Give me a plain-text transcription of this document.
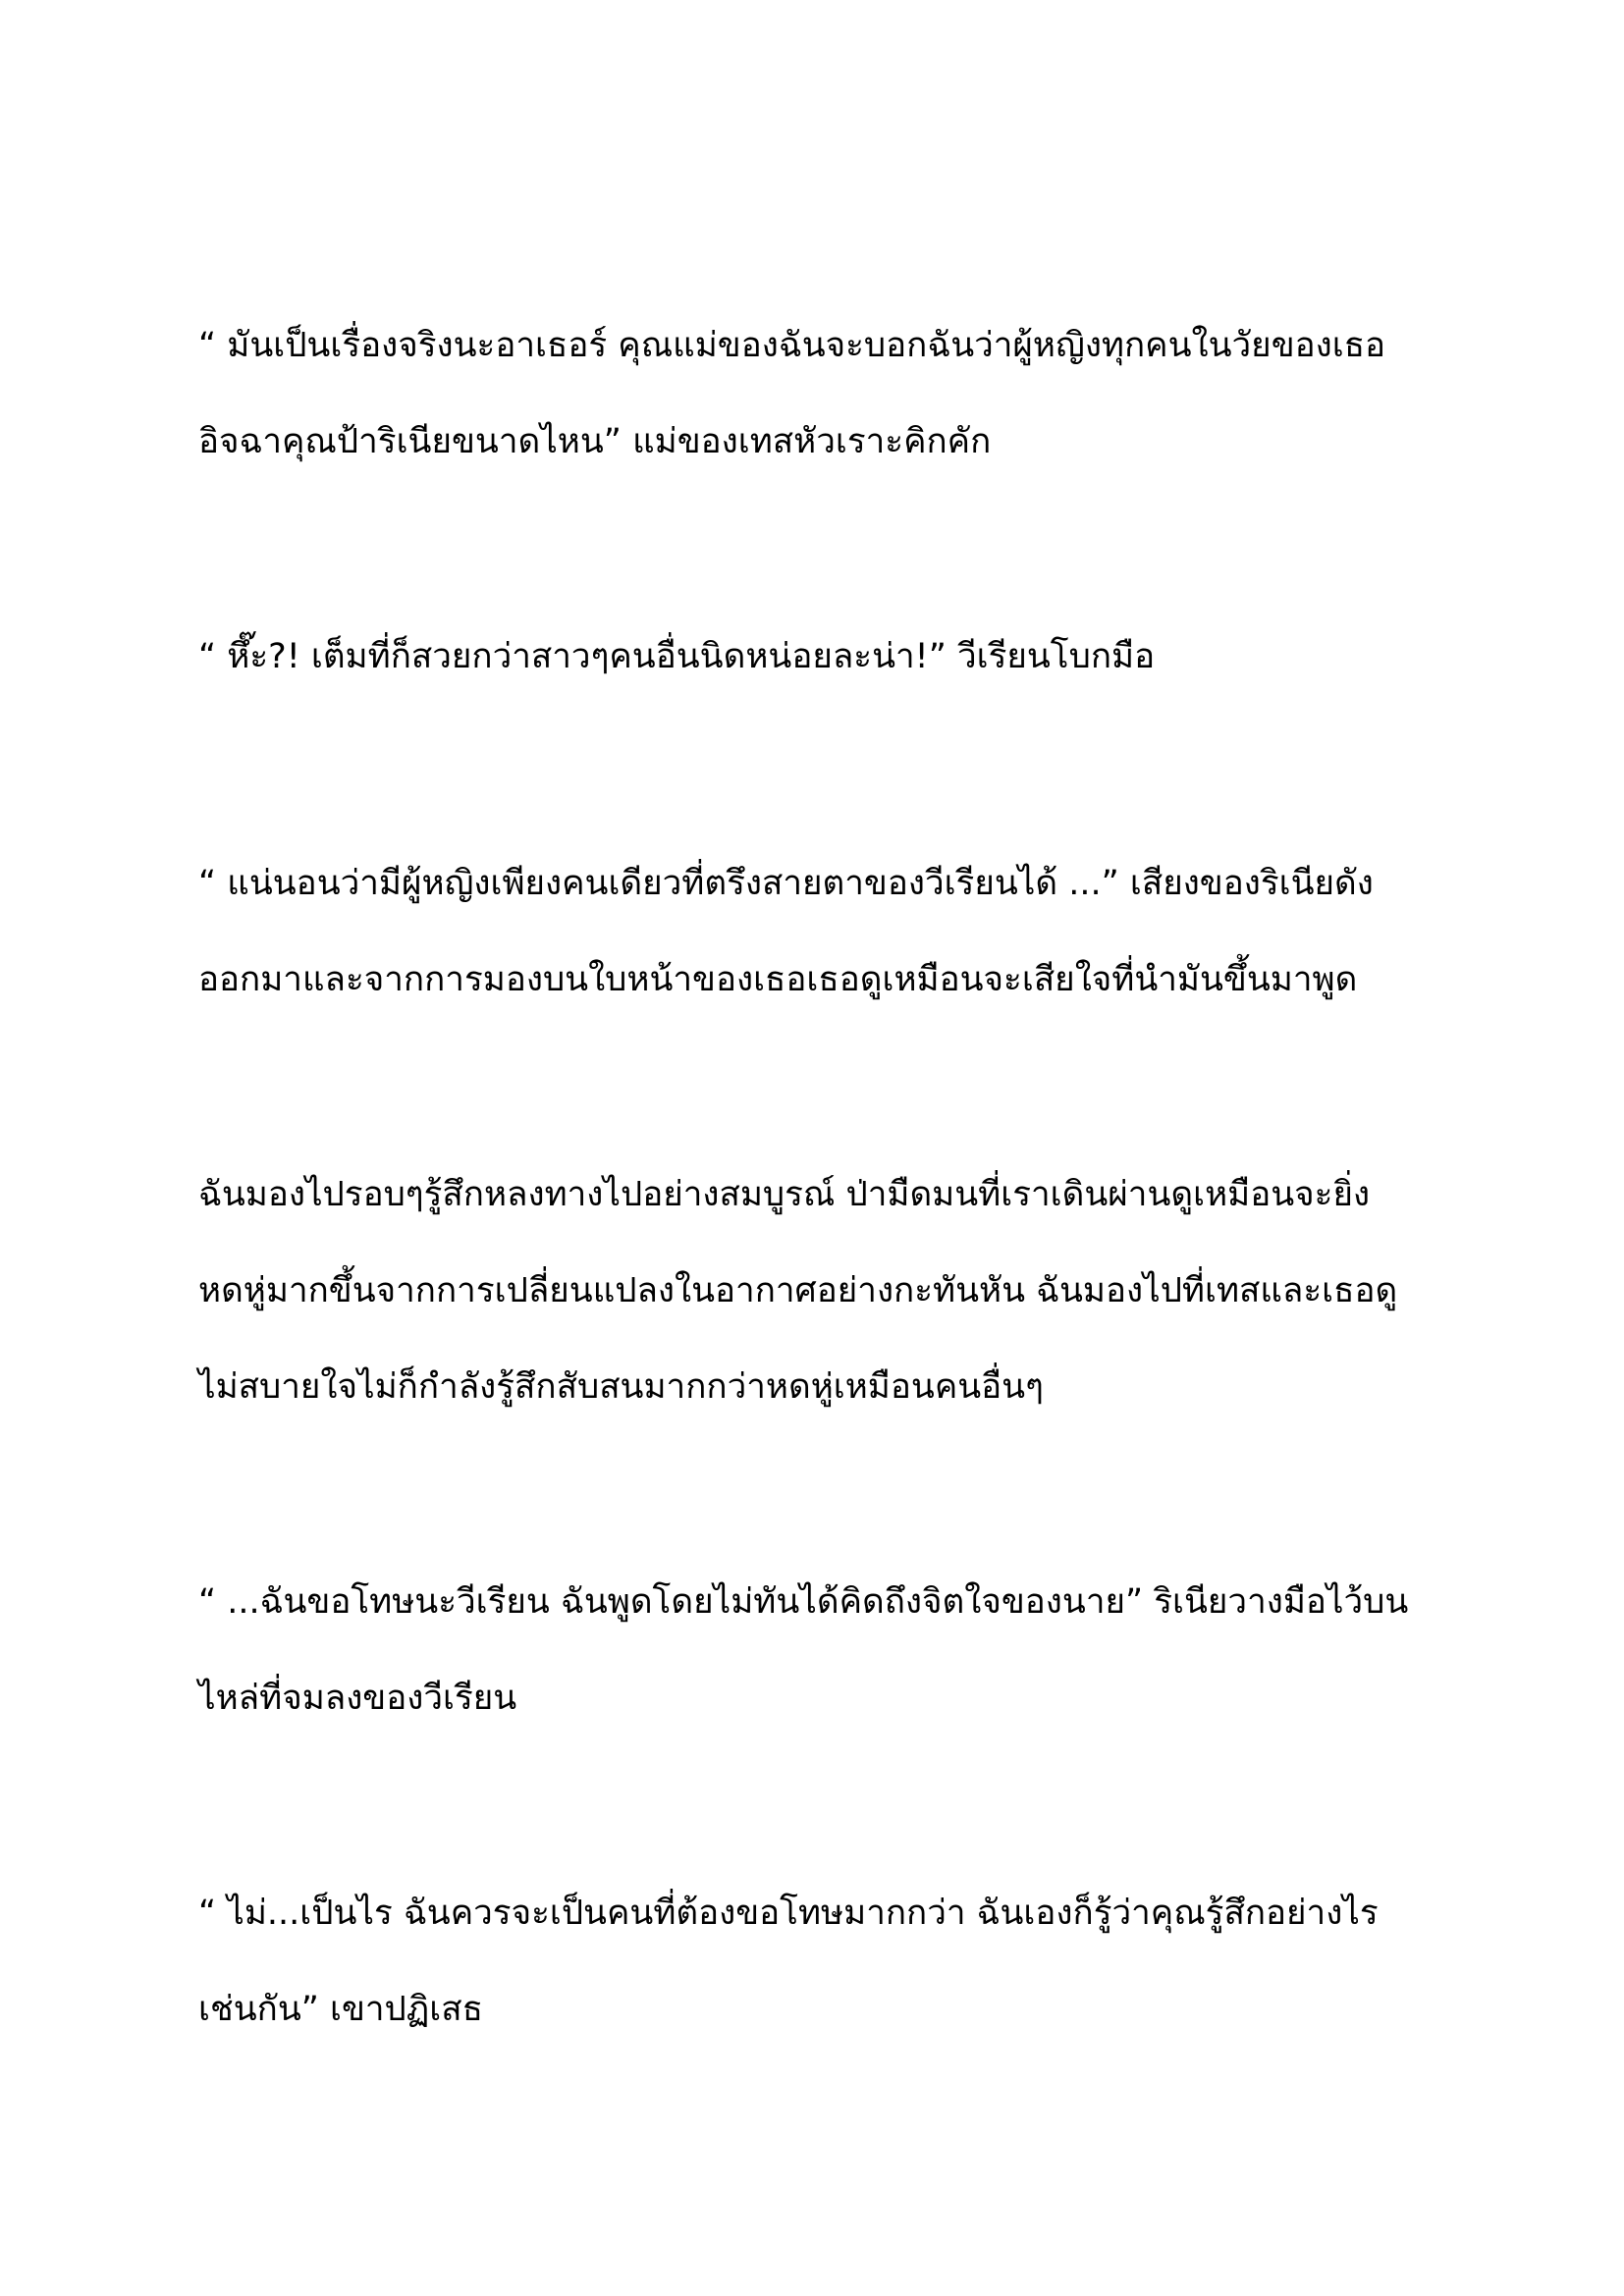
“ มันเป็นเรื่องจริงนะอาเธอร์ คุณแม่ของฉันจะบอกฉันว่าผู้หญิงทุกคนในวัยของเธอ
อิจฉาคุณป้าริเนียขนาดไหน” แม่ของเทสหัวเราะคิกคัก
“ หึ๊ะ?! เต็มที่ก็สวยกว่าสาวๆคนอื่นนิดหน่อยละน่า!” วีเรียนโบกมือ
“ แน่นอนว่ามีผู้หญิงเพียงคนเดียวที่ตรึงสายตาของวีเรียนได้ ...” เสียงของริเนียดัง
ออกมาและจากการมองบนใบหน้าของเธอเธอดูเหมือนจะเสียใจที่นำมันขึ้นมาพูด
ฉันมองไปรอบๆรู้สึกหลงทางไปอย่างสมบูรณ์ ป่ามืดมนที่เราเดินผ่านดูเหมือนจะยิ่ง
หดหู่มากขึ้นจากการเปลี่ยนแปลงในอากาศอย่างกะทันหัน ฉันมองไปที่เทสและเธอดู
ไม่สบายใจไม่ก็กำลังรู้สึกสับสนมากกว่าหดหู่เหมือนคนอื่นๆ
“ ...ฉันขอโทษนะวีเรียน ฉันพูดโดยไม่ทันได้คิดถึงจิตใจของนาย” ริเนียวางมือไว้บน
ไหล่ที่จมลงของวีเรียน
“ ไม่...เป็นไร ฉันควรจะเป็นคนที่ต้องขอโทษมากกว่า ฉันเองก็รู้ว่าคุณรู้สึกอย่างไร
เช่นกัน” เขาปฏิเสธ
